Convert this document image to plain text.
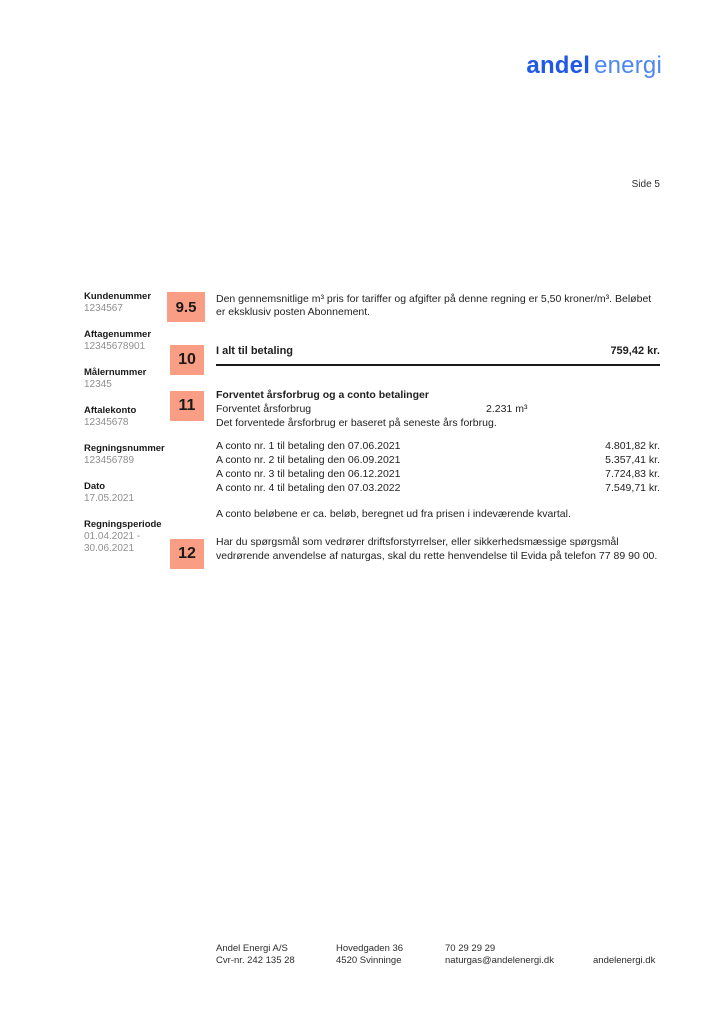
andel energi
Side 5
Kundenummer
1234567
Aftagenummer
12345678901
Målernummer
12345
Aftalekonto
12345678
Regningsnummer
123456789
Dato
17.05.2021
Regningsperiode
01.04.2021 -
30.06.2021
9.5
10
11
12

Den gennemsnitlige m³ pris for tariffer og afgifter på denne regning er 5,50 kroner/m³. Beløbet er eksklusiv posten Abonnement.

I alt til betaling	759,42 kr.
Forventet årsforbrug og a conto betalinger
Forventet årsforbrug	2.231 m³
Det forventede årsforbrug er baseret på seneste års forbrug.
A conto nr. 1 til betaling den 07.06.2021	4.801,82 kr.
A conto nr. 2 til betaling den 06.09.2021	5.357,41 kr.
A conto nr. 3 til betaling den 06.12.2021	7.724,83 kr.
A conto nr. 4 til betaling den 07.03.2022	7.549,71 kr.
A conto beløbene er ca. beløb, beregnet ud fra prisen i indeværende kvartal.
Har du spørgsmål som vedrører driftsforstyrrelser, eller sikkerhedsmæssige spørgsmål vedrørende anvendelse af naturgas, skal du rette henvendelse til Evida på telefon 77 89 90 00.
Andel Energi A/S
Cvr-nr. 242 135 28
Hovedgaden 36
4520 Svinninge
70 29 29 29
naturgas@andelenergi.dk	andelenergi.dk
